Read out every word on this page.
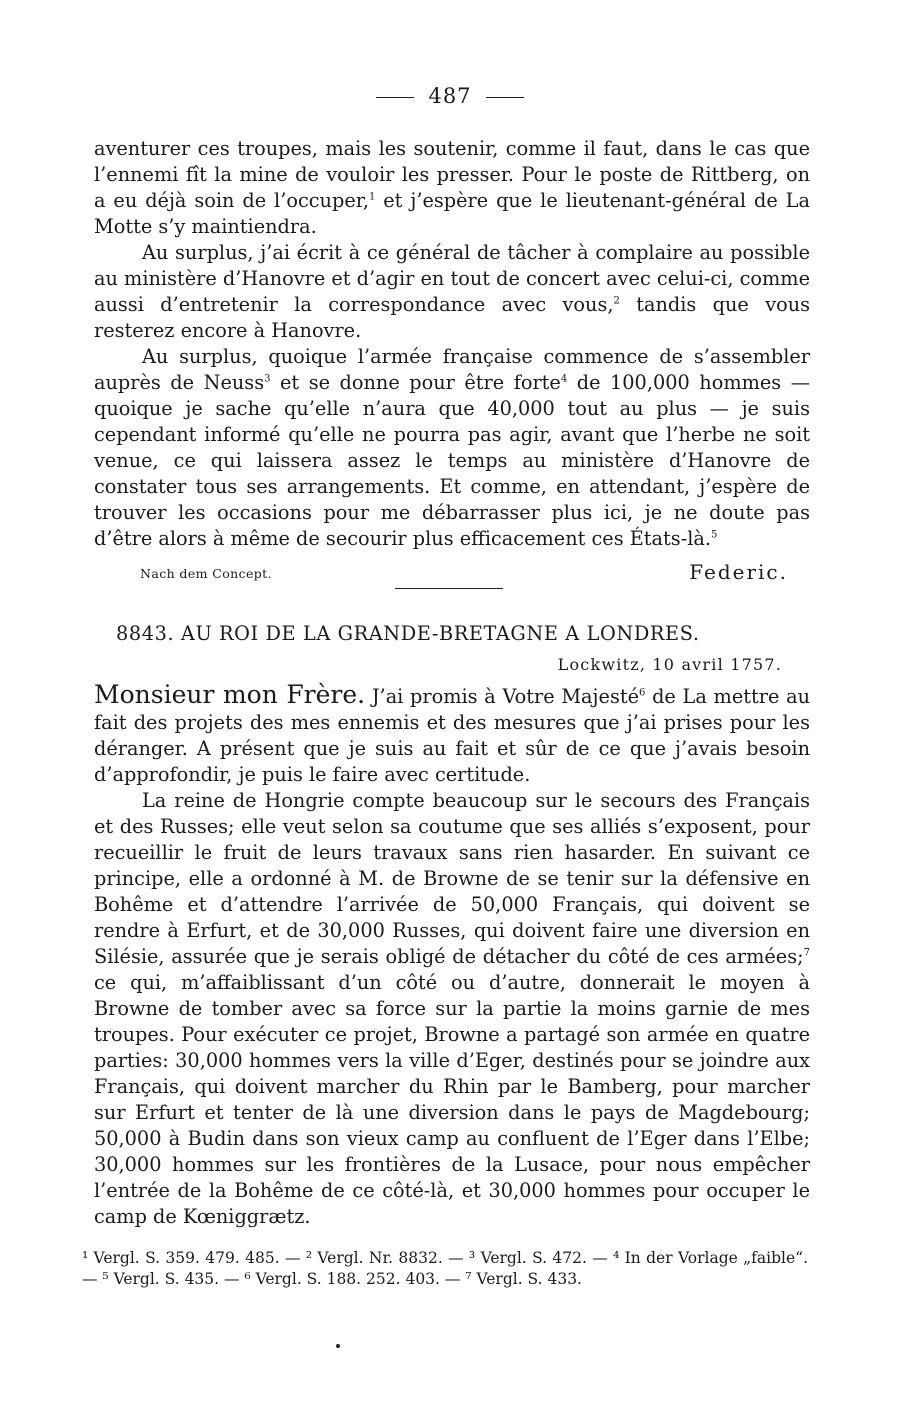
487

aventurer ces troupes, mais les soutenir, comme il faut, dans le cas que l’ennemi fît la mine de vouloir les presser. Pour le poste de Rittberg, on a eu déjà soin de l’occuper,$^1$ et j’espère que le lieutenant-général de La Motte s’y maintiendra.

Au surplus, j’ai écrit à ce général de tâcher à complaire au possible au ministère d’Hanovre et d’agir en tout de concert avec celui-ci, comme aussi d’entretenir la correspondance avec vous,$^2$ tandis que vous resterez encore à Hanovre.

Au surplus, quoique l’armée française commence de s’assembler auprès de Neuss$^3$ et se donne pour être forte$^4$ de 100,000 hommes — quoique je sache qu’elle n’aura que 40,000 tout au plus — je suis cependant informé qu’elle ne pourra pas agir, avant que l’herbe ne soit venue, ce qui laissera assez le temps au ministère d’Hanovre de constater tous ses arrangements. Et comme, en attendant, j’espère de trouver les occasions pour me débarrasser plus ici, je ne doute pas d’être alors à même de secourir plus efficacement ces États-là.$^5$

Nach dem Concept.	Federic.
8843. AU ROI DE LA GRANDE-BRETAGNE A LONDRES.
Lockwitz, 10 avril 1757.

Monsieur mon Frère. J’ai promis à Votre Majesté$^6$ de La mettre au fait des projets des mes ennemis et des mesures que j’ai prises pour les déranger. A présent que je suis au fait et sûr de ce que j’avais besoin d’approfondir, je puis le faire avec certitude.

La reine de Hongrie compte beaucoup sur le secours des Français et des Russes; elle veut selon sa coutume que ses alliés s’exposent, pour recueillir le fruit de leurs travaux sans rien hasarder. En suivant ce principe, elle a ordonné à M. de Browne de se tenir sur la défensive en Bohême et d’attendre l’arrivée de 50,000 Français, qui doivent se rendre à Erfurt, et de 30,000 Russes, qui doivent faire une diversion en Silésie, assurée que je serais obligé de détacher du côté de ces armées;$^7$ ce qui, m’affaiblissant d’un côté ou d’autre, donnerait le moyen à Browne de tomber avec sa force sur la partie la moins garnie de mes troupes. Pour exécuter ce projet, Browne a partagé son armée en quatre parties: 30,000 hommes vers la ville d’Eger, destinés pour se joindre aux Français, qui doivent marcher du Rhin par le Bamberg, pour marcher sur Erfurt et tenter de là une diversion dans le pays de Magdebourg; 50,000 à Budin dans son vieux camp au confluent de l’Eger dans l’Elbe; 30,000 hommes sur les frontières de la Lusace, pour nous empêcher l’entrée de la Bohême de ce côté-là, et 30,000 hommes pour occuper le camp de Kœniggrætz.

¹ Vergl. S. 359. 479. 485. — ² Vergl. Nr. 8832. — ³ Vergl. S. 472. — ⁴ In der Vorlage „faible“. — ⁵ Vergl. S. 435. — ⁶ Vergl. S. 188. 252. 403. — ⁷ Vergl. S. 433.
